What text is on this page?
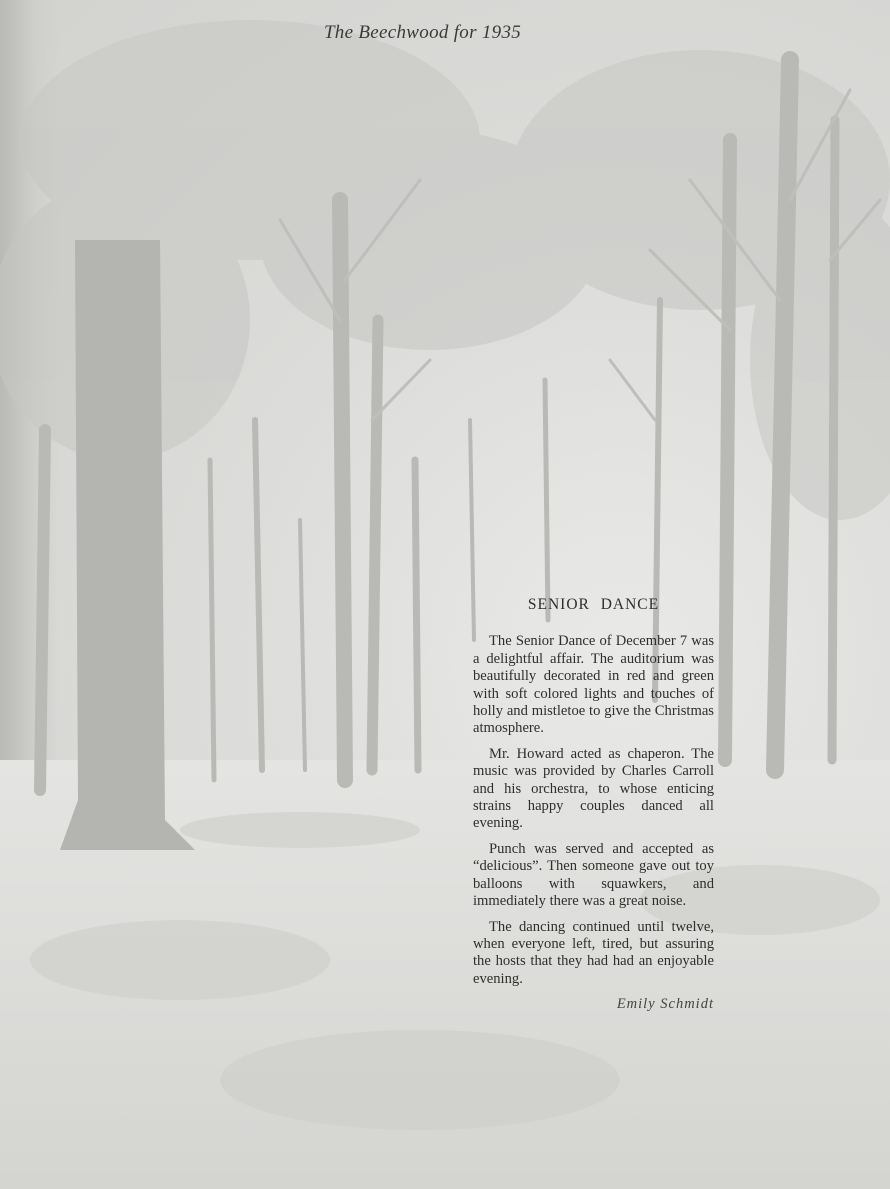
The Beechwood for 1935
SENIOR DANCE

The Senior Dance of December 7 was a delightful affair. The auditorium was beautifully decorated in red and green with soft colored lights and touches of holly and mistletoe to give the Christmas atmosphere.

Mr. Howard acted as chaperon. The music was provided by Charles Carroll and his orchestra, to whose enticing strains happy couples danced all evening.

Punch was served and accepted as “delicious”. Then someone gave out toy balloons with squawkers, and immediately there was a great noise.

The dancing continued until twelve, when everyone left, tired, but assuring the hosts that they had had an enjoyable evening.

Emily Schmidt
